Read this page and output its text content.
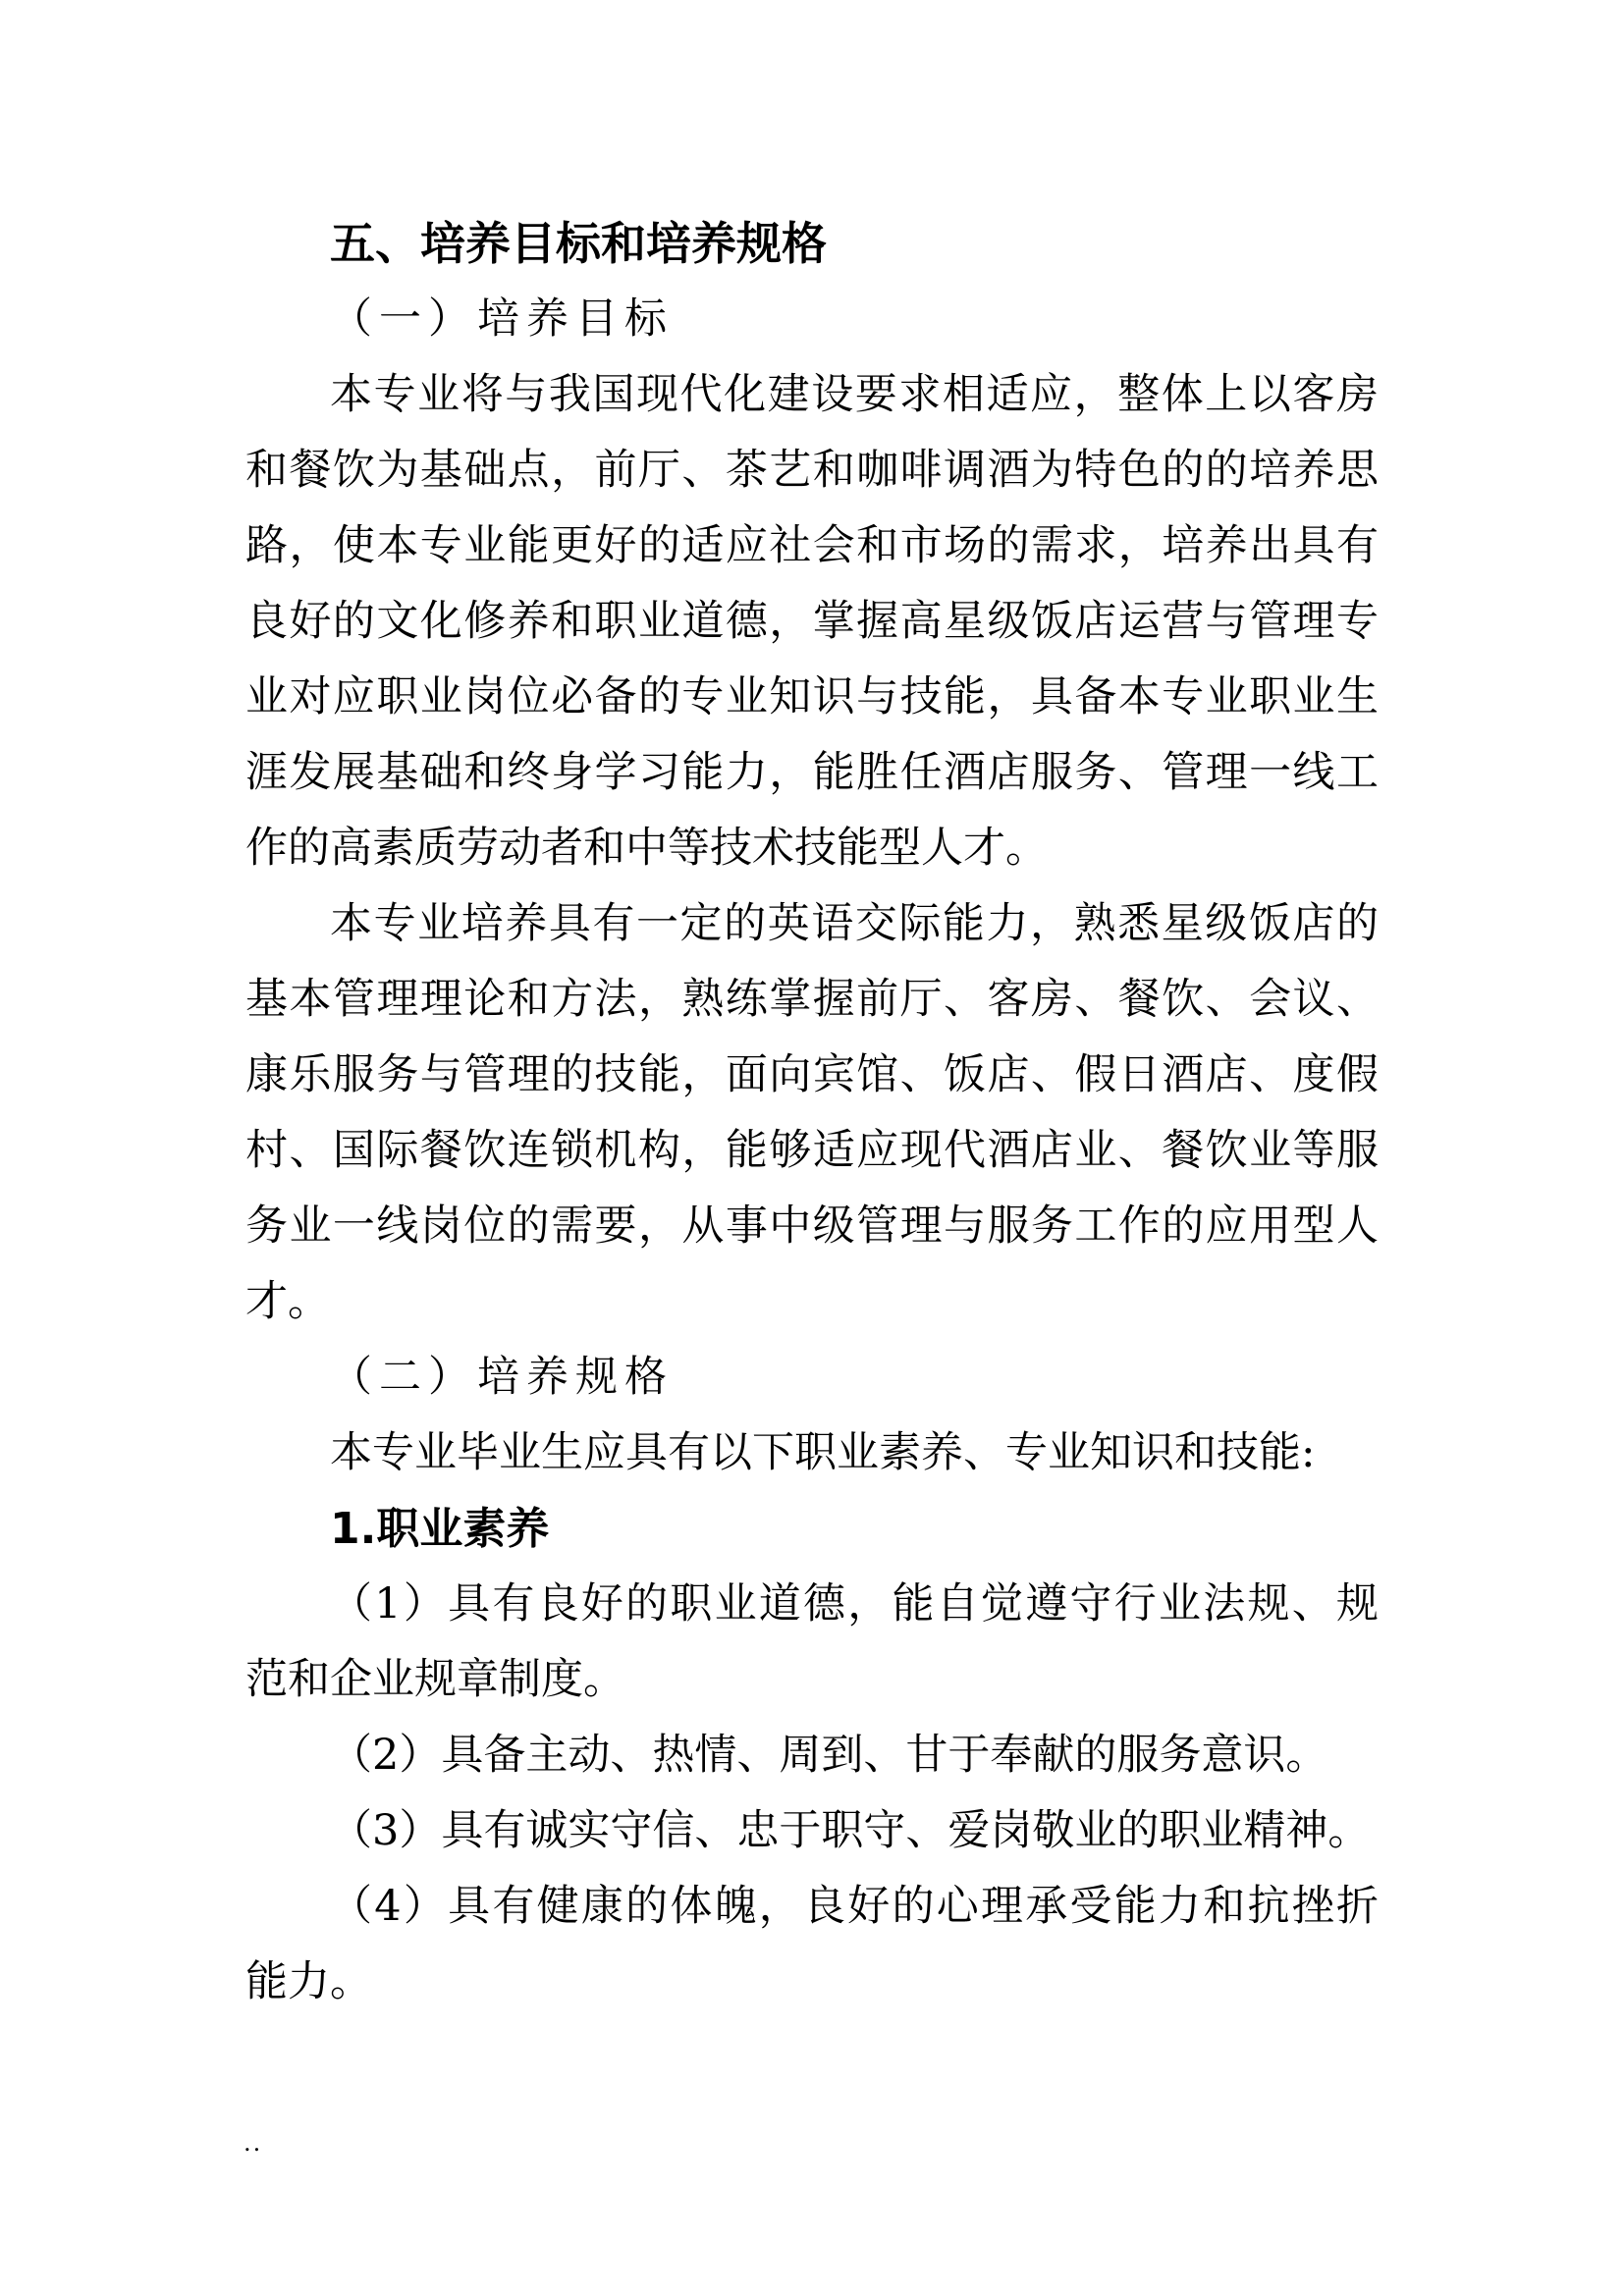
五、培养目标和培养规格
（一）培养目标
本专业将与我国现代化建设要求相适应，整体上以客房
和餐饮为基础点，前厅、茶艺和咖啡调酒为特色的的培养思
路，使本专业能更好的适应社会和市场的需求，培养出具有
良好的文化修养和职业道德，掌握高星级饭店运营与管理专
业对应职业岗位必备的专业知识与技能，具备本专业职业生
涯发展基础和终身学习能力，能胜任酒店服务、管理一线工
作的高素质劳动者和中等技术技能型人才。
本专业培养具有一定的英语交际能力，熟悉星级饭店的
基本管理理论和方法，熟练掌握前厅、客房、餐饮、会议、
康乐服务与管理的技能，面向宾馆、饭店、假日酒店、度假
村、国际餐饮连锁机构，能够适应现代酒店业、餐饮业等服
务业一线岗位的需要，从事中级管理与服务工作的应用型人
才。
（二）培养规格
本专业毕业生应具有以下职业素养、专业知识和技能:
1.职业素养
（1）具有良好的职业道德，能自觉遵守行业法规、规
范和企业规章制度。
（2）具备主动、热情、周到、甘于奉献的服务意识。
（3）具有诚实守信、忠于职守、爱岗敬业的职业精神。
（4）具有健康的体魄，良好的心理承受能力和抗挫折
能力。
..
